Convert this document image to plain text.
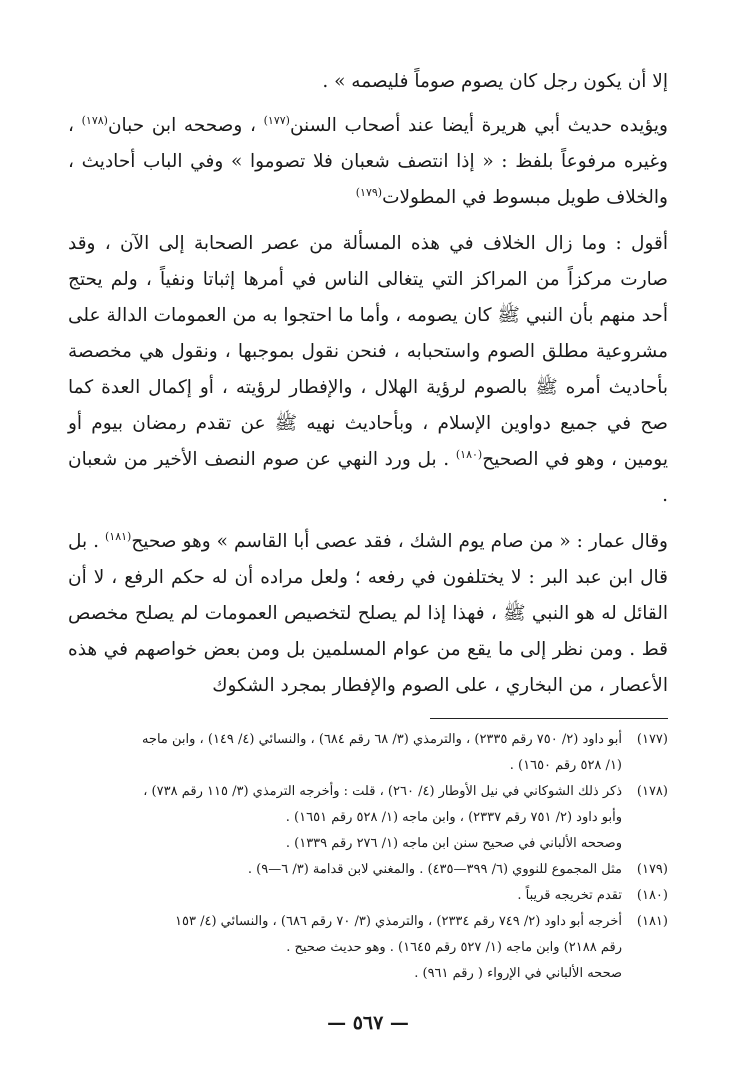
إلا أن يكون رجل كان يصوم صوماً فليصمه » .

ويؤيده حديث أبي هريرة أيضا عند أصحاب السنن$^{(١٧٧)}$ ، وصححه ابن حبان$^{(١٧٨)}$ ، وغيره مرفوعاً بلفظ : « إذا انتصف شعبان فلا تصوموا » وفي الباب أحاديث ، والخلاف طويل مبسوط في المطولات$^{(١٧٩)}$

أقول : وما زال الخلاف في هذه المسألة من عصر الصحابة إلى الآن ، وقد صارت مركزاً من المراكز التي يتغالى الناس في أمرها إثباتا ونفياً ، ولم يحتج أحد منهم بأن النبي ﷺ كان يصومه ، وأما ما احتجوا به من العمومات الدالة على مشروعية مطلق الصوم واستحبابه ، فنحن نقول بموجبها ، ونقول هي مخصصة بأحاديث أمره ﷺ بالصوم لرؤية الهلال ، والإفطار لرؤيته ، أو إكمال العدة كما صح في جميع دواوين الإسلام ، وبأحاديث نهيه ﷺ عن تقدم رمضان بيوم أو يومين ، وهو في الصحيح$^{(١٨٠)}$ . بل ورد النهي عن صوم النصف الأخير من شعبان .

وقال عمار : « من صام يوم الشك ، فقد عصى أبا القاسم » وهو صحيح$^{(١٨١)}$ . بل قال ابن عبد البر : لا يختلفون في رفعه ؛ ولعل مراده أن له حكم الرفع ، لا أن القائل له هو النبي ﷺ ، فهذا إذا لم يصلح لتخصيص العمومات لم يصلح مخصص قط . ومن نظر إلى ما يقع من عوام المسلمين بل ومن بعض خواصهم في هذه الأعصار ، من البخاري ، على الصوم والإفطار بمجرد الشكوك

(١٧٧)
أبو داود (٢/ ٧٥٠ رقم ٢٣٣٥) ، والترمذي (٣/ ٦٨ رقم ٦٨٤) ، والنسائي (٤/ ١٤٩) ، وابن ماجه
(١/ ٥٢٨ رقم ١٦٥٠) .
(١٧٨)
ذكر ذلك الشوكاني في نيل الأوطار (٤/ ٢٦٠) ، قلت : وأخرجه الترمذي (٣/ ١١٥ رقم ٧٣٨) ،
وأبو داود (٢/ ٧٥١ رقم ٢٣٣٧) ، وابن ماجه (١/ ٥٢٨ رقم ١٦٥١) .
وصححه الألباني في صحيح سنن ابن ماجه (١/ ٢٧٦ رقم ١٣٣٩) .
(١٧٩)
مثل المجموع للنووي (٦/ ٣٩٩—٤٣٥) . والمغني لابن قدامة (٣/ ٦—٩) .
(١٨٠)
تقدم تخريجه قريباً .
(١٨١)
أخرجه أبو داود (٢/ ٧٤٩ رقم ٢٣٣٤) ، والترمذي (٣/ ٧٠ رقم ٦٨٦) ، والنسائي (٤/ ١٥٣
رقم ٢١٨٨) وابن ماجه (١/ ٥٢٧ رقم ١٦٤٥) . وهو حديث صحيح .
صححه الألباني في الإرواء ( رقم ٩٦١) .
— ٥٦٧ —
